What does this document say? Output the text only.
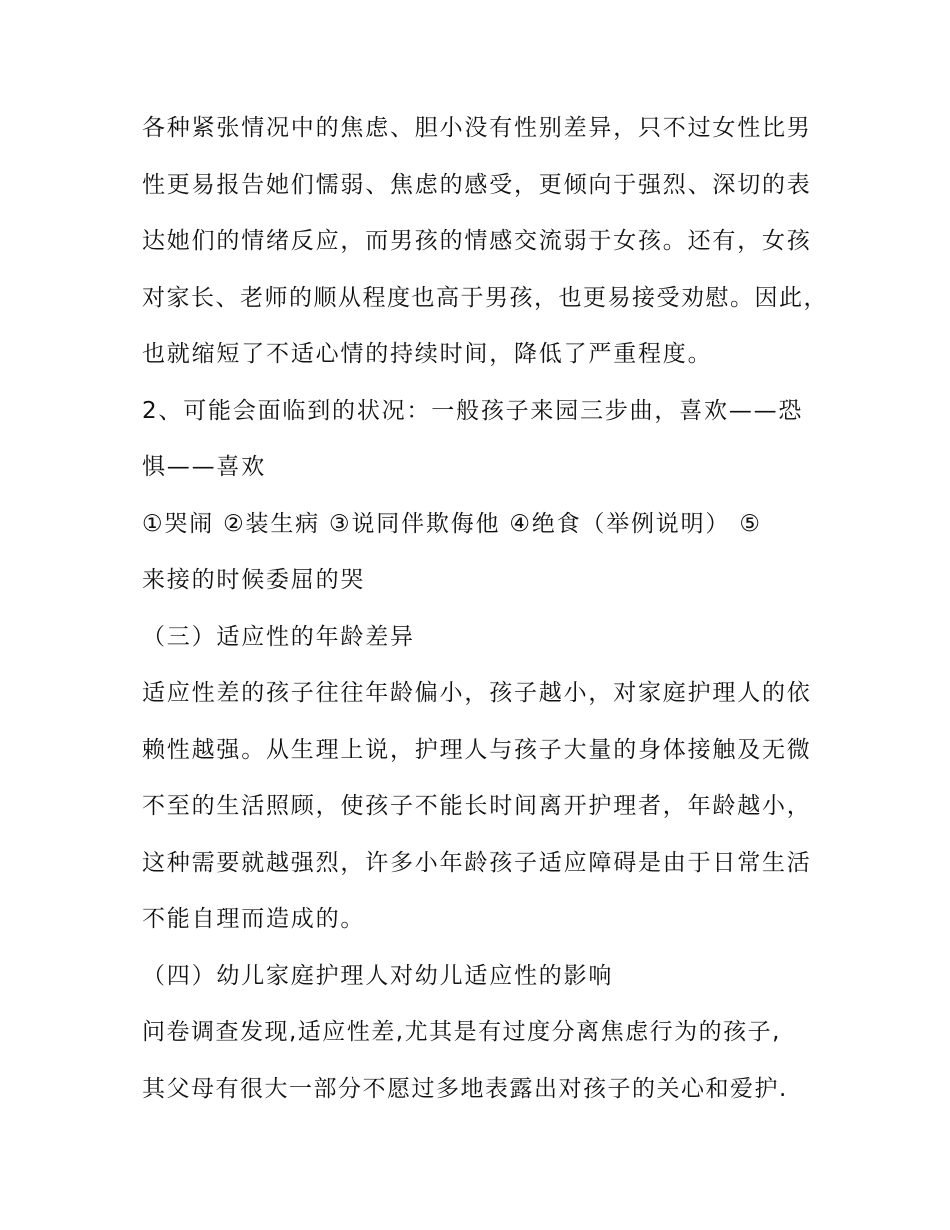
各种紧张情况中的焦虑、胆小没有性别差异，只不过女性比男
性更易报告她们懦弱、焦虑的感受，更倾向于强烈、深切的表
达她们的情绪反应，而男孩的情感交流弱于女孩。还有，女孩
对家长、老师的顺从程度也高于男孩，也更易接受劝慰。因此，
也就缩短了不适心情的持续时间，降低了严重程度。
2、可能会面临到的状况：一般孩子来园三步曲，喜欢——恐
惧——喜欢
①哭闹 ②装生病 ③说同伴欺侮他 ④绝食（举例说明） ⑤
来接的时候委屈的哭
（三）适应性的年龄差异
适应性差的孩子往往年龄偏小，孩子越小，对家庭护理人的依
赖性越强。从生理上说，护理人与孩子大量的身体接触及无微
不至的生活照顾，使孩子不能长时间离开护理者，年龄越小，
这种需要就越强烈，许多小年龄孩子适应障碍是由于日常生活
不能自理而造成的。
（四）幼儿家庭护理人对幼儿适应性的影响
问卷调查发现,适应性差,尤其是有过度分离焦虑行为的孩子,
其父母有很大一部分不愿过多地表露出对孩子的关心和爱护.
